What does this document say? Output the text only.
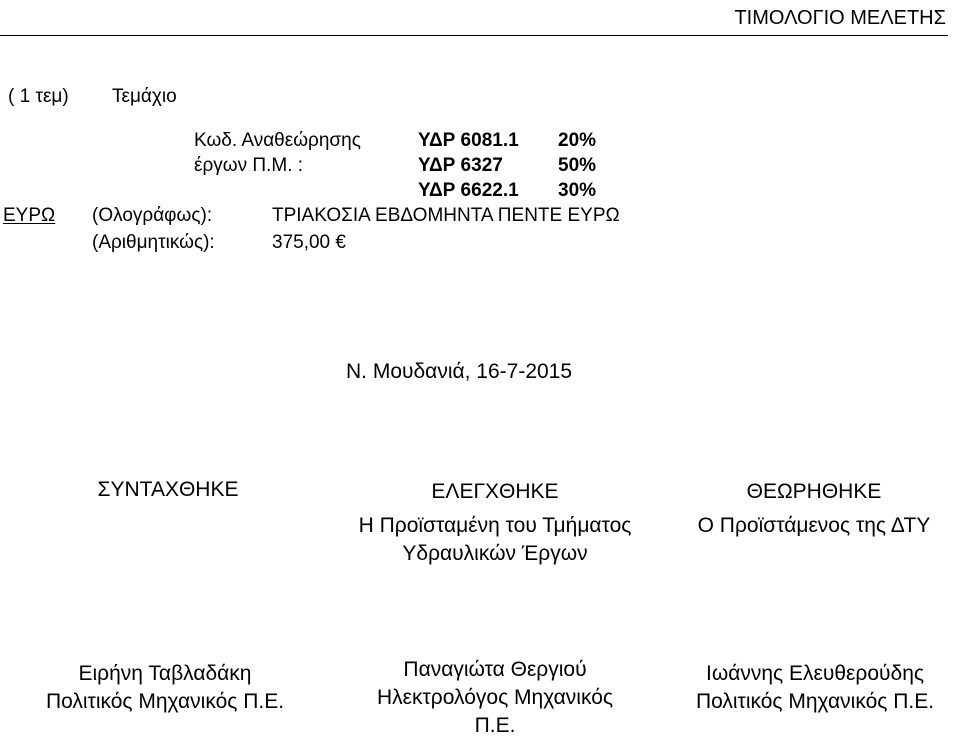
ΤΙΜΟΛΟΓΙΟ ΜΕΛΕΤΗΣ
( 1 τεμ) Τεμάχιο
Κωδ. Αναθεώρησης
έργων Π.Μ. :
ΥΔΡ 6081.1 20%
ΥΔΡ 6327	50%
ΥΔΡ 6622.1 30%
ΕΥΡΩ (Ολογράφως):	ΤΡΙΑΚΟΣΙΑ ΕΒΔΟΜΗΝΤΑ ΠΕΝΤΕ ΕΥΡΩ
(Αριθμητικώς):	375,00 €
Ν. Μουδανιά, 16-7-2015
ΣΥΝΤΑΧΘΗΚΕ
Ειρήνη Ταβλαδάκη
Πολιτικός Μηχανικός Π.Ε.
ΕΛΕΓΧΘΗΚΕ
Η Προϊσταμένη του Τμήματος
Υδραυλικών Έργων
Παναγιώτα Θεργιού
Ηλεκτρολόγος Μηχανικός
Π.Ε.
ΘΕΩΡΗΘΗΚΕ
Ο Προϊστάμενος της ΔΤΥ
Ιωάννης Ελευθερούδης
Πολιτικός Μηχανικός Π.Ε.
